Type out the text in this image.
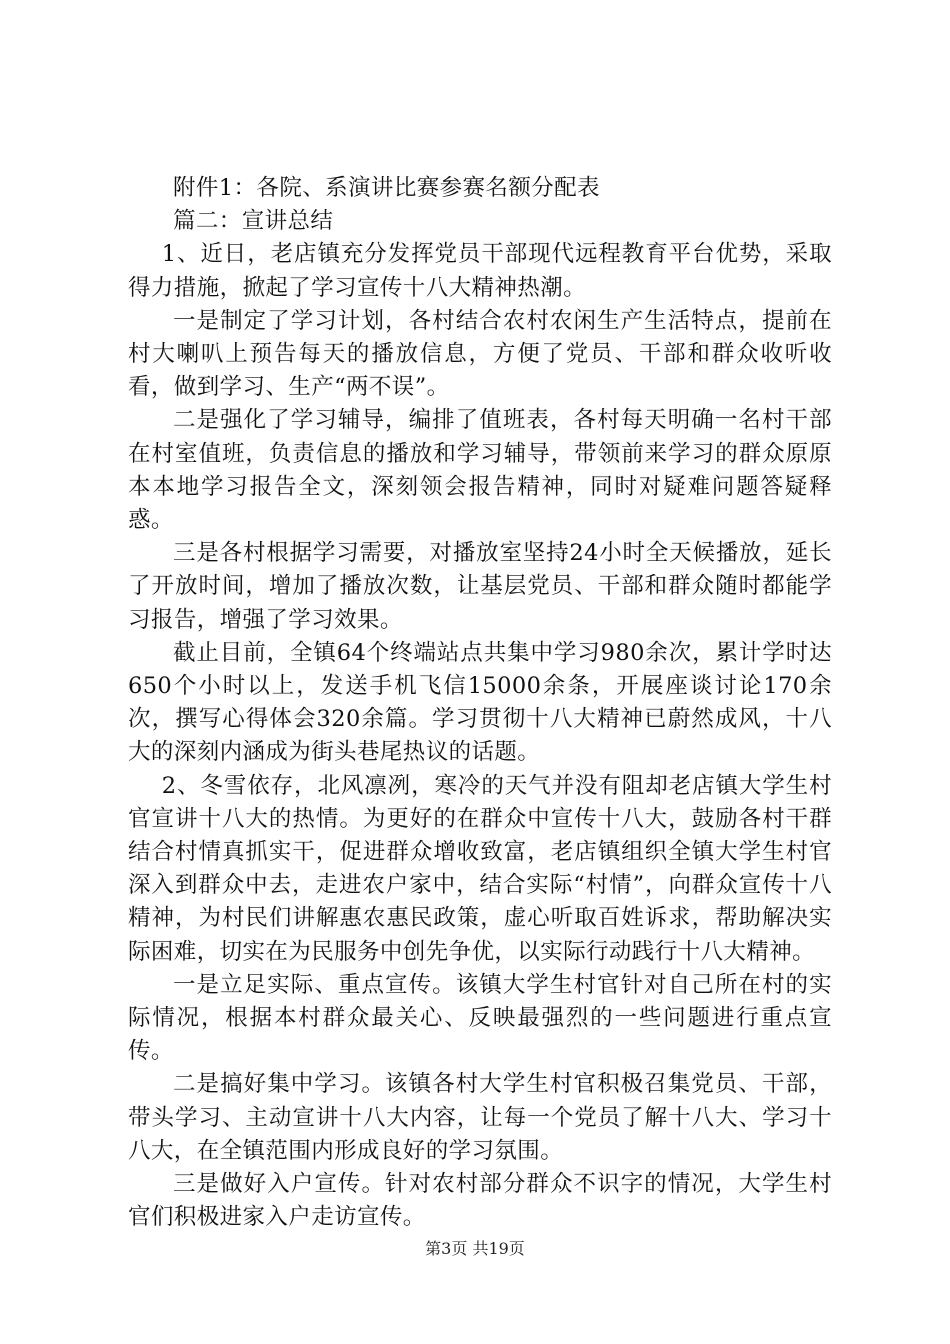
附件1：各院、系演讲比赛参赛名额分配表

篇二：宣讲总结

1、近日，老店镇充分发挥党员干部现代远程教育平台优势，采取得力措施，掀起了学习宣传十八大精神热潮。

一是制定了学习计划，各村结合农村农闲生产生活特点，提前在村大喇叭上预告每天的播放信息，方便了党员、干部和群众收听收看，做到学习、生产“两不误”。

二是强化了学习辅导，编排了值班表，各村每天明确一名村干部在村室值班，负责信息的播放和学习辅导，带领前来学习的群众原原本本地学习报告全文，深刻领会报告精神，同时对疑难问题答疑释惑。

三是各村根据学习需要，对播放室坚持24小时全天候播放，延长了开放时间，增加了播放次数，让基层党员、干部和群众随时都能学习报告，增强了学习效果。

截止目前，全镇64个终端站点共集中学习980余次，累计学时达650个小时以上，发送手机飞信15000余条，开展座谈讨论170余次，撰写心得体会320余篇。学习贯彻十八大精神已蔚然成风，十八大的深刻内涵成为街头巷尾热议的话题。

2、冬雪依存，北风凛冽，寒冷的天气并没有阻却老店镇大学生村官宣讲十八大的热情。为更好的在群众中宣传十八大，鼓励各村干群结合村情真抓实干，促进群众增收致富，老店镇组织全镇大学生村官深入到群众中去，走进农户家中，结合实际“村情”，向群众宣传十八精神，为村民们讲解惠农惠民政策，虚心听取百姓诉求，帮助解决实际困难，切实在为民服务中创先争优，以实际行动践行十八大精神。

一是立足实际、重点宣传。该镇大学生村官针对自己所在村的实际情况，根据本村群众最关心、反映最强烈的一些问题进行重点宣传。

二是搞好集中学习。该镇各村大学生村官积极召集党员、干部，带头学习、主动宣讲十八大内容，让每一个党员了解十八大、学习十八大，在全镇范围内形成良好的学习氛围。

三是做好入户宣传。针对农村部分群众不识字的情况，大学生村官们积极进家入户走访宣传。

第3页 共19页
